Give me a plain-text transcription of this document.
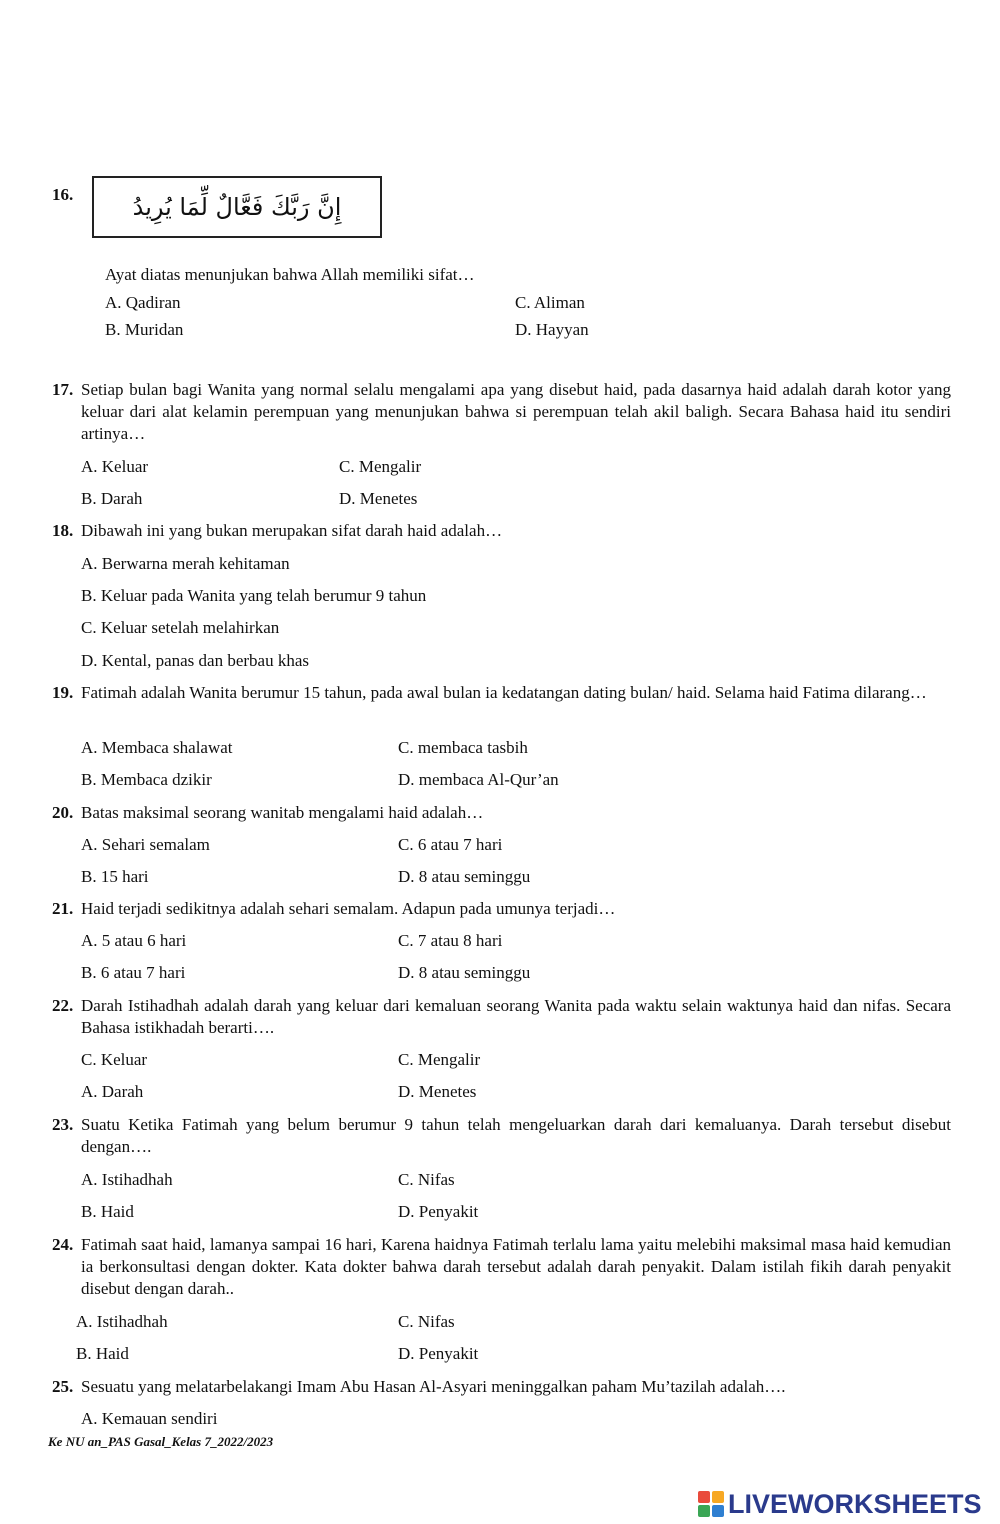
16. إِنَّ رَبَّكَ فَعَّالٌ لِّمَا يُرِيدُ
Ayat diatas menunjukan bahwa Allah memiliki sifat…
A. Qadiran	C. Aliman
B. Muridan	D. Hayyan
17. Setiap bulan bagi Wanita yang normal selalu mengalami apa yang disebut haid, pada dasarnya haid adalah darah kotor yang keluar dari alat kelamin perempuan yang menunjukan bahwa si perempuan telah akil baligh. Secara Bahasa haid itu sendiri artinya…
A. Keluar	C. Mengalir
B. Darah	D. Menetes
18. Dibawah ini yang bukan merupakan sifat darah haid adalah…
A. Berwarna merah kehitaman
B. Keluar pada Wanita yang telah berumur 9 tahun
C. Keluar setelah melahirkan
D. Kental, panas dan berbau khas
19. Fatimah adalah Wanita berumur 15 tahun, pada awal bulan ia kedatangan dating bulan/ haid. Selama haid Fatima dilarang…
A. Membaca shalawat	C. membaca tasbih
B. Membaca dzikir	D. membaca Al-Qur’an
20. Batas maksimal seorang wanitab mengalami haid adalah…
A. Sehari semalam	C. 6 atau 7 hari
B. 15 hari	D. 8 atau seminggu
21. Haid terjadi sedikitnya adalah sehari semalam. Adapun pada umunya terjadi…
A. 5 atau 6 hari	C. 7 atau 8 hari
B. 6 atau 7 hari	D. 8 atau seminggu
22. Darah Istihadhah adalah darah yang keluar dari kemaluan seorang Wanita pada waktu selain waktunya haid dan nifas. Secara Bahasa istikhadah berarti….
C. Keluar	C. Mengalir
A. Darah	D. Menetes
23. Suatu Ketika Fatimah yang belum berumur 9 tahun telah mengeluarkan darah dari kemaluanya. Darah tersebut disebut dengan….
A. Istihadhah	C. Nifas
B. Haid	D. Penyakit
24. Fatimah saat haid, lamanya sampai 16 hari, Karena haidnya Fatimah terlalu lama yaitu melebihi maksimal masa haid kemudian ia berkonsultasi dengan dokter. Kata dokter bahwa darah tersebut adalah darah penyakit. Dalam istilah fikih darah penyakit disebut dengan darah..
A. Istihadhah	C. Nifas
B. Haid	D. Penyakit
25. Sesuatu yang melatarbelakangi Imam Abu Hasan Al-Asyari meninggalkan paham Mu’tazilah adalah….
A. Kemauan sendiri
Ke NU an_PAS Gasal_Kelas 7_2022/2023
LIVEWORKSHEETS
